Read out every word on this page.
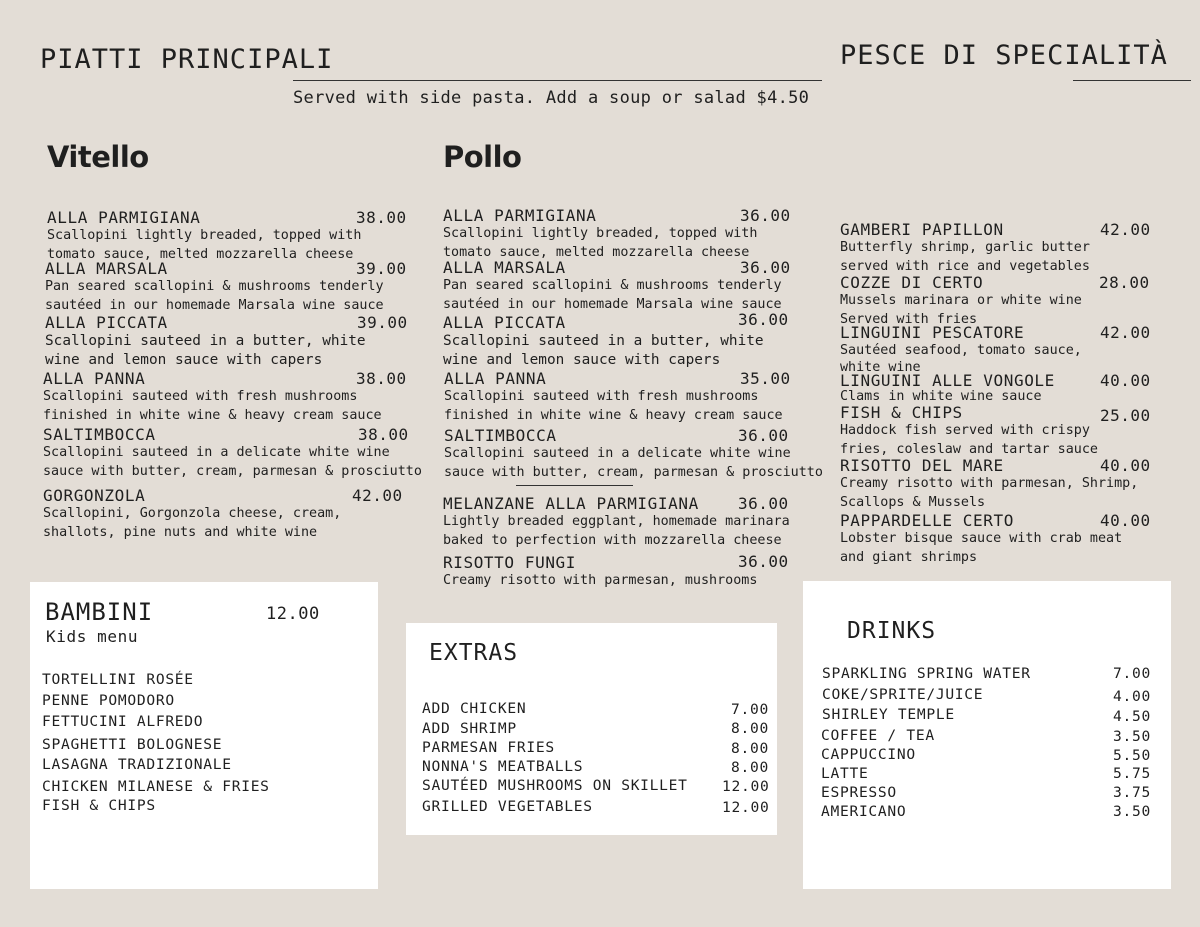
PIATTI PRINCIPALI	PESCE DI SPECIALITÀ
Served with side pasta. Add a soup or salad $4.50
Vitello	Pollo
ALLA PARMIGIANA	38.00
Scallopini lightly breaded, topped with
tomato sauce, melted mozzarella cheese
ALLA MARSALA	39.00
Pan seared scallopini & mushrooms tenderly
sautéed in our homemade Marsala wine sauce
ALLA PICCATA	39.00
Scallopini sauteed in a butter, white
wine and lemon sauce with capers
ALLA PANNA	38.00
Scallopini sauteed with fresh mushrooms
finished in white wine & heavy cream sauce
SALTIMBOCCA	38.00
Scallopini sauteed in a delicate white wine
sauce with butter, cream, parmesan & prosciutto
GORGONZOLA	42.00
Scallopini, Gorgonzola cheese, cream,
shallots, pine nuts and white wine
ALLA PARMIGIANA	36.00
Scallopini lightly breaded, topped with
tomato sauce, melted mozzarella cheese
ALLA MARSALA	36.00
Pan seared scallopini & mushrooms tenderly
sautéed in our homemade Marsala wine sauce
ALLA PICCATA	36.00
Scallopini sauteed in a butter, white
wine and lemon sauce with capers
ALLA PANNA	35.00
Scallopini sauteed with fresh mushrooms
finished in white wine & heavy cream sauce
SALTIMBOCCA	36.00
Scallopini sauteed in a delicate white wine
sauce with butter, cream, parmesan & prosciutto
MELANZANE ALLA PARMIGIANA	36.00
Lightly breaded eggplant, homemade marinara
baked to perfection with mozzarella cheese
RISOTTO FUNGI	36.00
Creamy risotto with parmesan, mushrooms
GAMBERI PAPILLON	42.00
Butterfly shrimp, garlic butter
served with rice and vegetables
COZZE DI CERTO	28.00
Mussels marinara or white wine
Served with fries
LINGUINI PESCATORE	42.00
Sautéed seafood, tomato sauce,
white wine
LINGUINI ALLE VONGOLE	40.00
Clams in white wine sauce
FISH & CHIPS	25.00
Haddock fish served with crispy
fries, coleslaw and tartar sauce
RISOTTO DEL MARE	40.00
Creamy risotto with parmesan, Shrimp,
Scallops & Mussels
PAPPARDELLE CERTO	40.00
Lobster bisque sauce with crab meat
and giant shrimps
BAMBINI	12.00
Kids menu
TORTELLINI ROSÉE
PENNE POMODORO
FETTUCINI ALFREDO
SPAGHETTI BOLOGNESE
LASAGNA TRADIZIONALE
CHICKEN MILANESE & FRIES
FISH & CHIPS
EXTRAS
ADD CHICKEN	7.00
ADD SHRIMP	8.00
PARMESAN FRIES	8.00
NONNA'S MEATBALLS	8.00
SAUTÉED MUSHROOMS ON SKILLET 12.00
GRILLED VEGETABLES	12.00
DRINKS
SPARKLING SPRING WATER	7.00
COKE/SPRITE/JUICE	4.00
SHIRLEY TEMPLE	4.50
COFFEE / TEA	3.50
CAPPUCCINO	5.50
LATTE	5.75
ESPRESSO	3.75
AMERICANO	3.50
